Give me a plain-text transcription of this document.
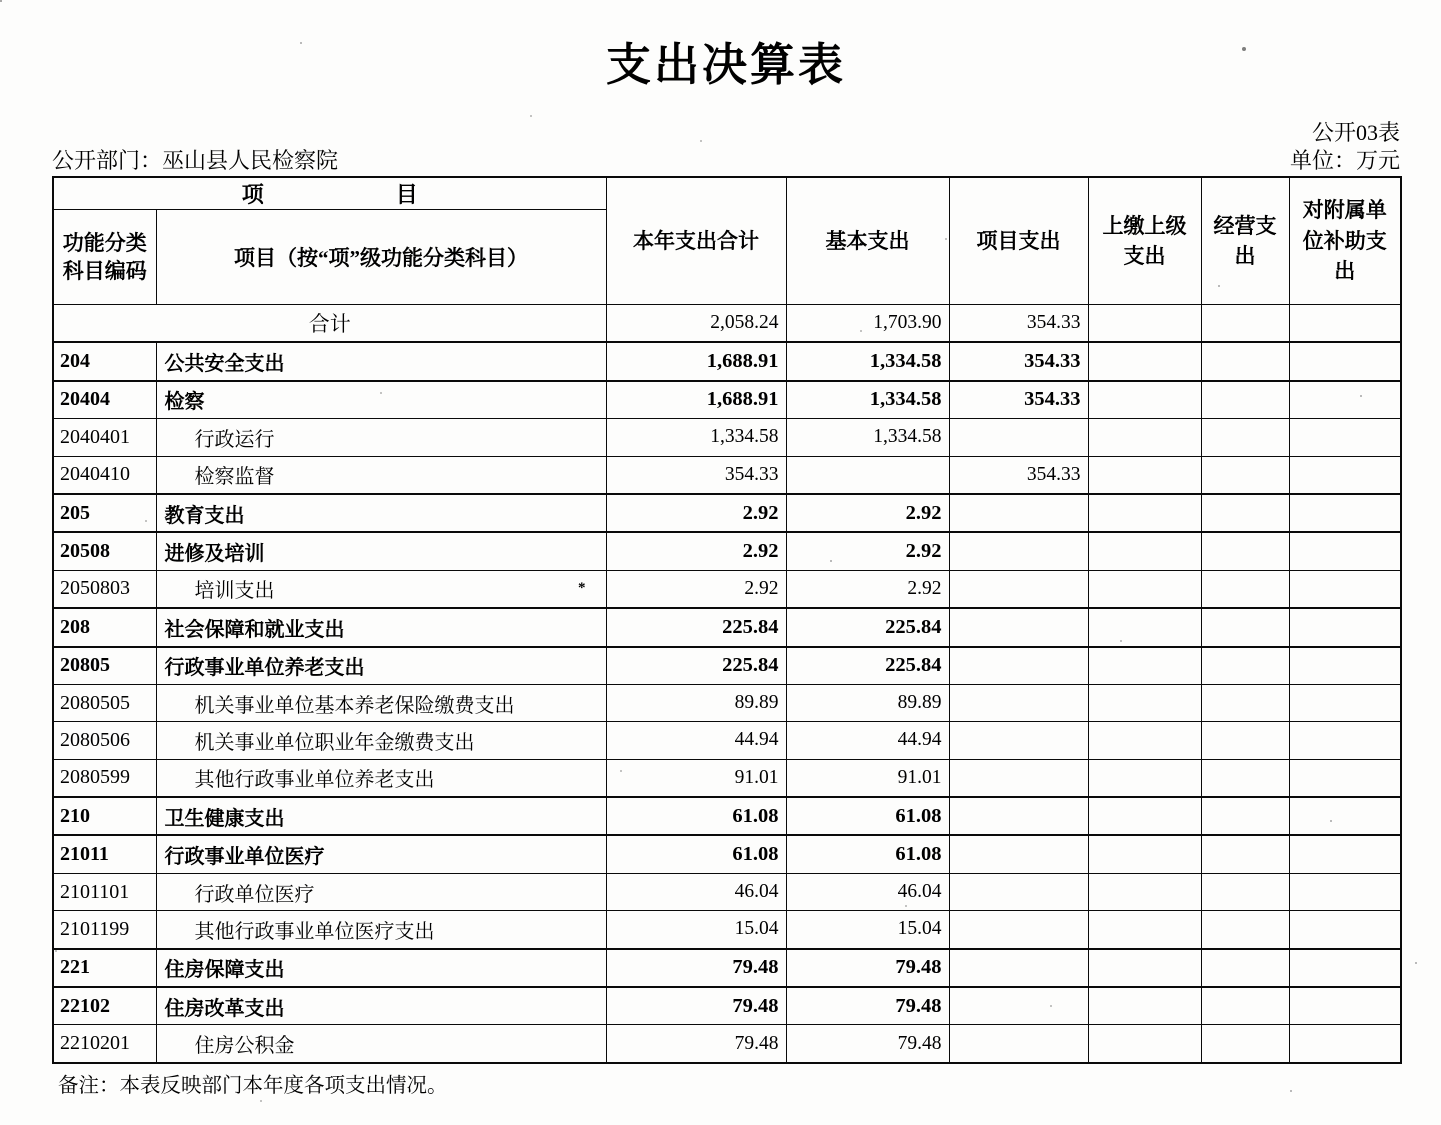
支出决算表
公开03表
公开部门：巫山县人民检察院	单位：万元
项　　　　　　目		本年支出合计	基本支出	项目支出	上缴上级支出	经营支出	对附属单位补助支出
功能分类 科目编码	项目（按“项”级功能分类科目）						
合计		2,058.24	1,703.90	354.33			
204	公共安全支出	1,688.91	1,334.58	354.33			
20404	检察	1,688.91	1,334.58	354.33			
2040401	行政运行	1,334.58	1,334.58				
2040410	检察监督	354.33		354.33			
205	教育支出	2.92	2.92				
20508	进修及培训	2.92	2.92				
2050803	培训支出 *	2.92	2.92				
208	社会保障和就业支出	225.84	225.84				
20805	行政事业单位养老支出	225.84	225.84				
2080505	机关事业单位基本养老保险缴费支出	89.89	89.89				
2080506	机关事业单位职业年金缴费支出	44.94	44.94				
2080599	其他行政事业单位养老支出	91.01	91.01				
210	卫生健康支出	61.08	61.08				
21011	行政事业单位医疗	61.08	61.08				
2101101	行政单位医疗	46.04	46.04				
2101199	其他行政事业单位医疗支出	15.04	15.04				
221	住房保障支出	79.48	79.48				
22102	住房改革支出	79.48	79.48				
2210201	住房公积金	79.48	79.48				
备注：本表反映部门本年度各项支出情况。
